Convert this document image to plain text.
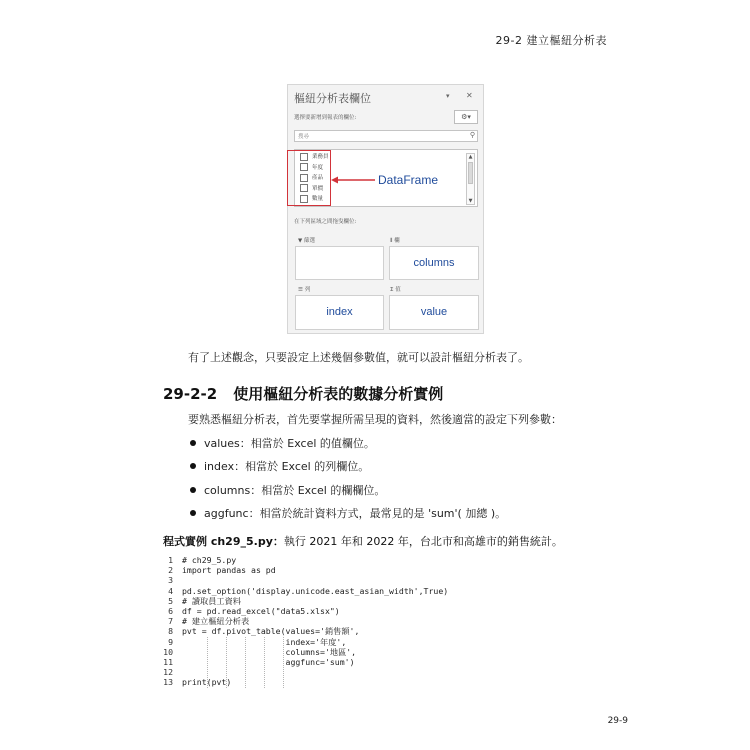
29-2 建立樞紐分析表
樞紐分析表欄位	▾ ✕
選擇要新增到報表的欄位:	⚙▾
搜尋	⚲
業務員
年度
產品
單價
數量
▲
▼
在下列區域之間拖曳欄位:
▼ 篩選	⦀ 欄
columns
☰ 列	Σ 值
index	value
DataFrame
有了上述觀念，只要設定上述幾個參數值，就可以設計樞紐分析表了。
29-2-2 使用樞紐分析表的數據分析實例
要熟悉樞紐分析表，首先要掌握所需呈現的資料，然後適當的設定下列參數：
values：相當於 Excel 的值欄位。
index：相當於 Excel 的列欄位。
columns：相當於 Excel 的欄欄位。
aggfunc：相當於統計資料方式，最常見的是 'sum'( 加總 )。
程式實例 ch29_5.py：執行 2021 年和 2022 年，台北市和高雄市的銷售統計。
1 # ch29_5.py
2 import pandas as pd
3
4 pd.set_option('display.unicode.east_asian_width',True)
5 # 讀取員工資料
6 df = pd.read_excel("data5.xlsx")
7 # 建立樞紐分析表
8 pvt = df.pivot_table(values='銷售額',
9                     index='年度',
10                     columns='地區',
11                     aggfunc='sum')
12
13 print(pvt)
29-9
